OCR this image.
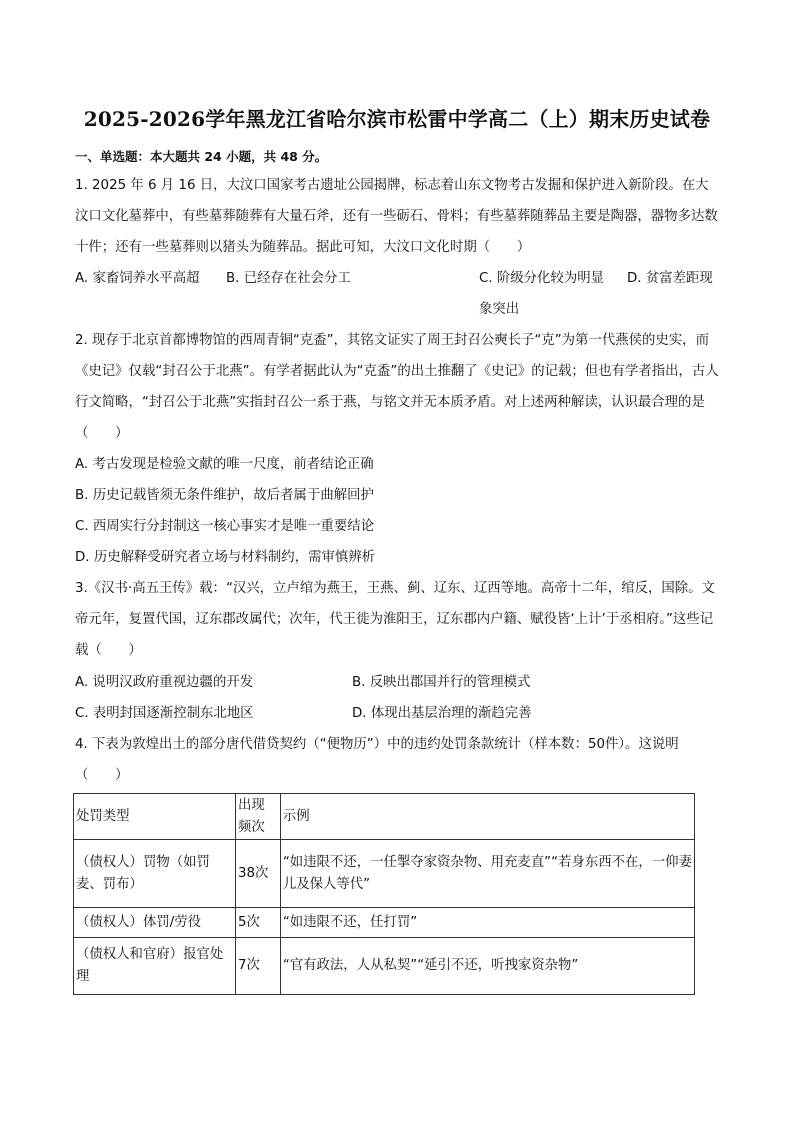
2025-2026学年黑龙江省哈尔滨市松雷中学高二（上）期末历史试卷
一、单选题：本大题共 24 小题，共 48 分。
1. 2025 年 6 月 16 日，大汶口国家考古遗址公园揭牌，标志着山东文物考古发掘和保护进入新阶段。在大汶口文化墓葬中，有些墓葬随葬有大量石斧，还有一些砺石、骨料；有些墓葬随葬品主要是陶器，器物多达数十件；还有一些墓葬则以猪头为随葬品。据此可知，大汶口文化时期（　　）
A. 家畜饲养水平高超 B. 已经存在社会分工	C. 阶级分化较为明显 D. 贫富差距现象突出
2. 现存于北京首都博物馆的西周青铜“克盉”，其铭文证实了周王封召公奭长子“克”为第一代燕侯的史实，而《史记》仅载“封召公于北燕”。有学者据此认为“克盉”的出土推翻了《史记》的记载；但也有学者指出，古人行文简略，“封召公于北燕”实指封召公一系于燕，与铭文并无本质矛盾。对上述两种解读，认识最合理的是（　　）
A. 考古发现是检验文献的唯一尺度，前者结论正确
B. 历史记载皆须无条件维护，故后者属于曲解回护
C. 西周实行分封制这一核心事实才是唯一重要结论
D. 历史解释受研究者立场与材料制约，需审慎辨析
3.《汉书·高五王传》载：“汉兴，立卢绾为燕王，王燕、蓟、辽东、辽西等地。高帝十二年，绾反，国除。文帝元年，复置代国，辽东郡改属代；次年，代王徙为淮阳王，辽东郡内户籍、赋役皆‘上计’于丞相府。”这些记载（　　）
A. 说明汉政府重视边疆的开发	B. 反映出郡国并行的管理模式
C. 表明封国逐渐控制东北地区	D. 体现出基层治理的渐趋完善
4. 下表为敦煌出土的部分唐代借贷契约（“便物历”）中的违约处罚条款统计（样本数：50件）。这说明（　　）
处罚类型	出现频次	示例
（债权人）罚物（如罚麦、罚布）	38次	“如违限不还，一任掣夺家资杂物、用充麦直”“若身东西不在，一仰妻儿及保人等代”
（债权人）体罚/劳役	5次	“如违限不还，任打罚”
（债权人和官府）报官处理	7次	“官有政法，人从私契”“延引不还，听拽家资杂物”
